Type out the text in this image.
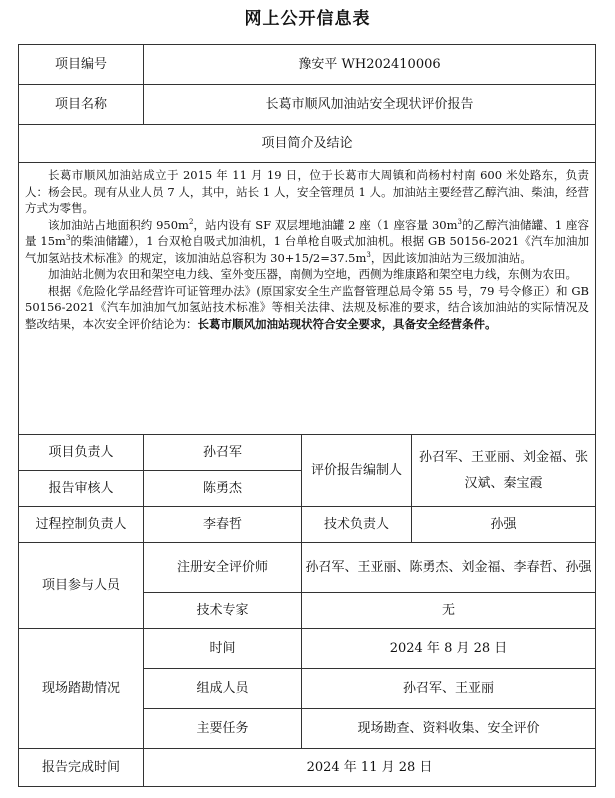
网上公开信息表
项目编号	豫安平 WH202410006		
项目名称	长葛市顺风加油站安全现状评价报告		
项目简介及结论			

长葛市顺风加油站成立于 2015 年 11 月 19 日，位于长葛市大周镇和尚杨村村南 600 米处路东，负责人：杨会民。现有从业人员 7 人，其中，站长 1 人，安全管理员 1 人。加油站主要经营乙醇汽油、柴油，经营方式为零售。

该加油站占地面积约 $950m^2$，站内设有 SF 双层埋地油罐 2 座（1 座容量 $30m^3$的乙醇汽油储罐、1 座容量 $15m^3$的柴油储罐），1 台双枪自吸式加油机，1 台单枪自吸式加油机。根据 GB 50156-2021《汽车加油加气加氢站技术标准》的规定，该加油站总容积为 $30+15/2=37.5m^3$，因此该加油站为三级加油站。

加油站北侧为农田和架空电力线、室外变压器，南侧为空地，西侧为维康路和架空电力线，东侧为农田。

根据《危险化学品经营许可证管理办法》(原国家安全生产监督管理总局令第 55 号，79 号令修正）和 GB 50156-2021《汽车加油加气加氢站技术标准》等相关法律、法规及标准的要求，结合该加油站的实际情况及整改结果，本次安全评价结论为：长葛市顺风加油站现状符合安全要求，具备安全经营条件。			

项目负责人	孙召军	评价报告编制人	孙召军、王亚丽、刘金福、张汉斌、秦宝霞
报告审核人	陈勇杰		
过程控制负责人	李春哲	技术负责人	孙强
项目参与人员	注册安全评价师	孙召军、王亚丽、陈勇杰、刘金福、李春哲、孙强	
	技术专家	无	
现场踏勘情况	时间	2024 年 8 月 28 日	
	组成人员	孙召军、王亚丽	
	主要任务	现场勘查、资料收集、安全评价	
报告完成时间	2024 年 11 月 28 日		
